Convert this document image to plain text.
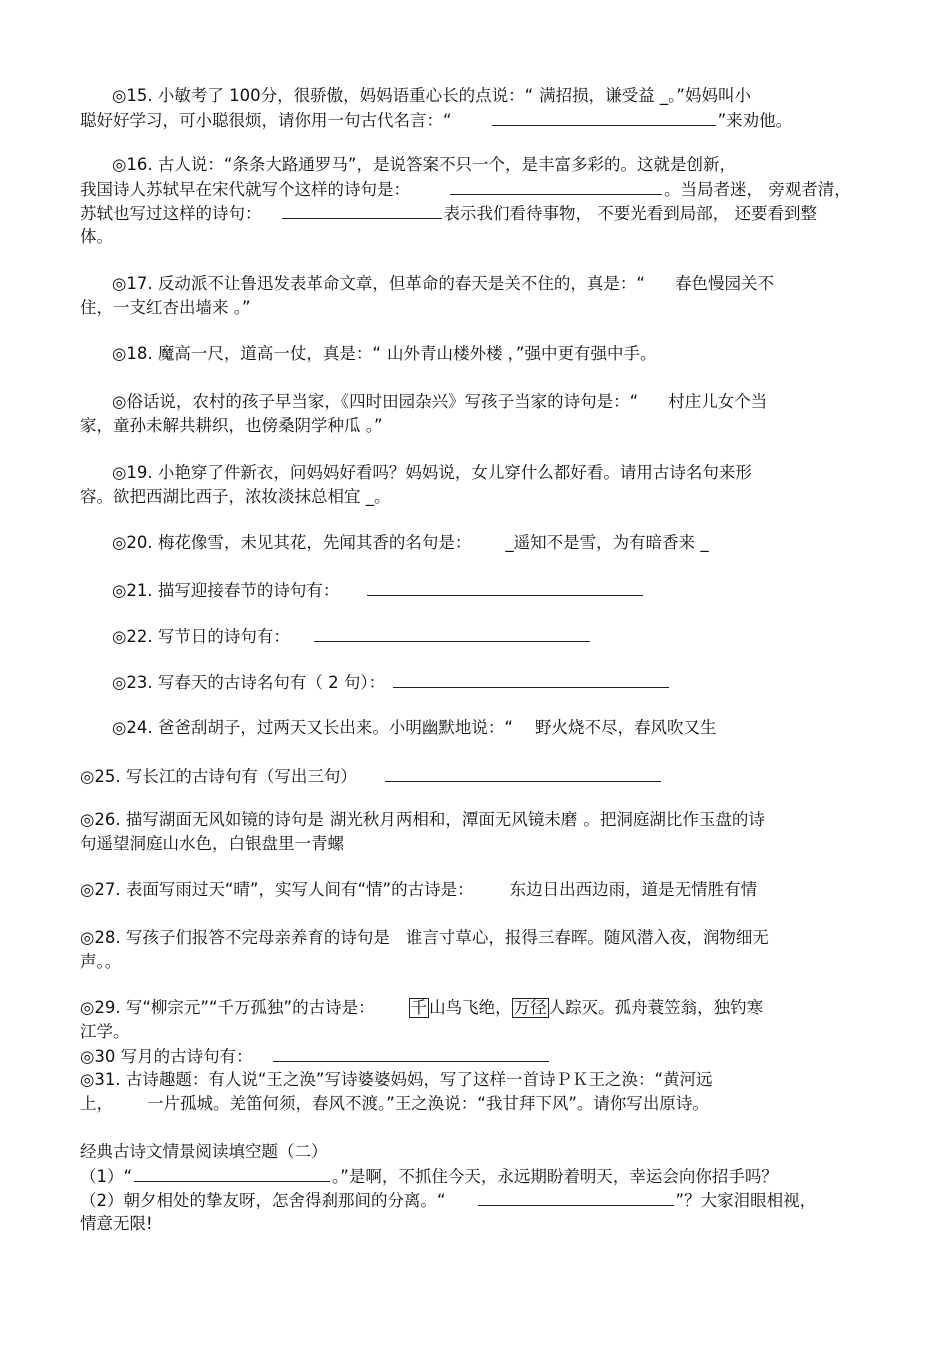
◎15. 小敏考了 100分，很骄傲，妈妈语重心长的点说：“ 满招损，谦受益 _。”妈妈叫小
聪好好学习，可小聪很烦，请你用一句古代名言：“	”来劝他。
◎16. 古人说：“条条大路通罗马”，是说答案不只一个，是丰富多彩的。这就是创新，
我国诗人苏轼早在宋代就写个这样的诗句是：	。当局者迷， 旁观者清，
苏轼也写过这样的诗句：	表示我们看待事物， 不要光看到局部， 还要看到整
体。
◎17. 反动派不让鲁迅发表革命文章，但革命的春天是关不住的，真是：“ 春色慢园关不
住，一支红杏出墙来 。”
◎18. 魔高一尺，道高一仗，真是：“ 山外青山楼外楼 ，”强中更有强中手。
◎俗话说，农村的孩子早当家，《四时田园杂兴》写孩子当家的诗句是：“ 村庄儿女个当
家，童孙未解共耕织，也傍桑阴学种瓜 。”
◎19. 小艳穿了件新衣，问妈妈好看吗？妈妈说，女儿穿什么都好看。请用古诗名句来形
容。欲把西湖比西子，浓妆淡抹总相宜 _。
◎20. 梅花像雪，未见其花，先闻其香的名句是： _遥知不是雪，为有暗香来 _
◎21. 描写迎接春节的诗句有：
◎22. 写节日的诗句有：
◎23. 写春天的古诗名句有（ 2 句）：
◎24. 爸爸刮胡子，过两天又长出来。小明幽默地说：“ 野火烧不尽，春风吹又生
◎25. 写长江的古诗句有（写出三句）
◎26. 描写湖面无风如镜的诗句是 湖光秋月两相和，潭面无风镜未磨 。把洞庭湖比作玉盘的诗
句遥望洞庭山水色，白银盘里一青螺
◎27. 表面写雨过天“晴”，实写人间有“情”的古诗是： 东边日出西边雨，道是无情胜有情
◎28. 写孩子们报答不完母亲养育的诗句是 谁言寸草心，报得三春晖。随风潜入夜，润物细无
声。。
◎29. 写“柳宗元”“千万孤独”的古诗是： 千 山鸟飞绝， 万径 人踪灭。孤舟蓑笠翁，独钓寒
江学。
◎30 写月的古诗句有：
◎31. 古诗趣题：有人说“王之涣”写诗婆婆妈妈，写了这样一首诗ＰＫ王之涣：“黄河远
上， 一片孤城。羌笛何须，春风不渡。”王之涣说：“我甘拜下风”。请你写出原诗。
经典古诗文情景阅读填空题（二）
（1）“	。”是啊，不抓住今天，永远期盼着明天，幸运会向你招手吗？
（2）朝夕相处的挚友呀，怎舍得刹那间的分离。“	”？大家泪眼相视，
情意无限!
